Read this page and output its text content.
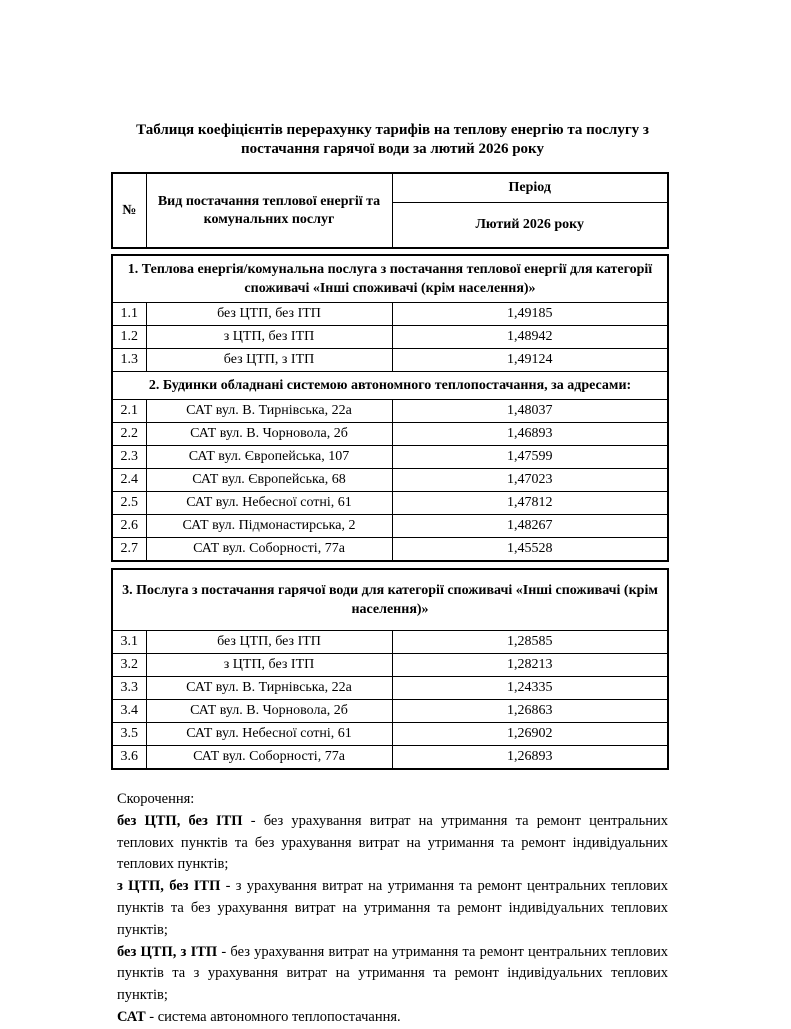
Таблиця коефіцієнтів перерахунку тарифів на теплову енергію та послугу з постачання гарячої води за лютий 2026 року
№	Вид постачання теплової енергії та комунальних послуг	Період
Лютий 2026 року
1. Теплова енергія/комунальна послуга з постачання теплової енергії для категорії споживачі «Інші споживачі (крім населення)»		
1.1	без ЦТП, без ІТП	1,49185
1.2	з ЦТП, без ІТП	1,48942
1.3	без ЦТП, з ІТП	1,49124
2. Будинки обладнані системою автономного теплопостачання, за адресами:		
2.1	САТ вул. В. Тирнівська, 22а	1,48037
2.2	САТ вул. В. Чорновола, 2б	1,46893
2.3	САТ вул. Європейська, 107	1,47599
2.4	САТ вул. Європейська, 68	1,47023
2.5	САТ вул. Небесної сотні, 61	1,47812
2.6	САТ вул. Підмонастирська, 2	1,48267
2.7	САТ вул. Соборності, 77а	1,45528
3. Послуга з постачання гарячої води для категорії споживачі «Інші споживачі (крім населення)»		
3.1	без ЦТП, без ІТП	1,28585
3.2	з ЦТП, без ІТП	1,28213
3.3	САТ вул. В. Тирнівська, 22а	1,24335
3.4	САТ вул. В. Чорновола, 2б	1,26863
3.5	САТ вул. Небесної сотні, 61	1,26902
3.6	САТ вул. Соборності, 77а	1,26893

Скорочення:

без ЦТП, без ІТП - без урахування витрат на утримання та ремонт центральних теплових пунктів та без урахування витрат на утримання та ремонт індивідуальних теплових пунктів;

з ЦТП, без ІТП - з урахування витрат на утримання та ремонт центральних теплових пунктів та без урахування витрат на утримання та ремонт індивідуальних теплових пунктів;

без ЦТП, з ІТП - без урахування витрат на утримання та ремонт центральних теплових пунктів та з урахування витрат на утримання та ремонт індивідуальних теплових пунктів;

САТ - система автономного теплопостачання.
